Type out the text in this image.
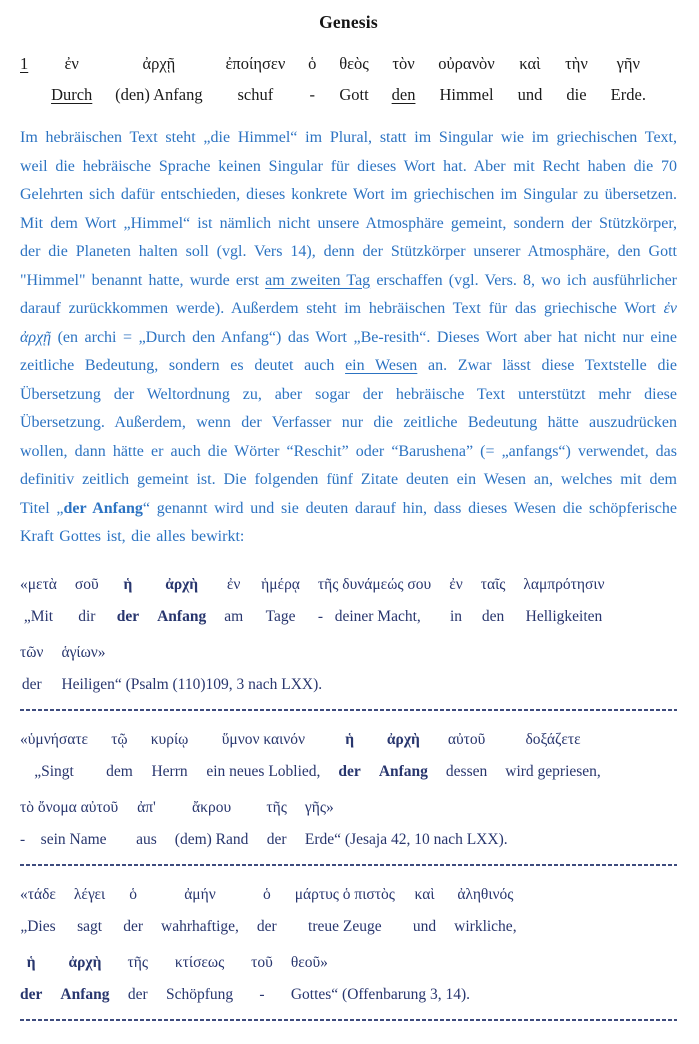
Genesis
1
ἐν
Durch
ἀρχῇ
(den) Anfang
ἐποίησεν
schuf
ὁ
-
θεὸς
Gott
τὸν
den
οὐρανὸν
Himmel
καὶ
und
τὴν
die
γῆν
Erde.

Im hebräischen Text steht „die Himmel“ im Plural, statt im Singular wie im griechischen Text, weil die hebräische Sprache keinen Singular für dieses Wort hat. Aber mit Recht haben die 70 Gelehrten sich dafür entschieden, dieses konkrete Wort im griechischen im Singular zu übersetzen. Mit dem Wort „Himmel“ ist nämlich nicht unsere Atmosphäre gemeint, sondern der Stützkörper, der die Planeten halten soll (vgl. Vers 14), denn der Stützkörper unserer Atmosphäre, den Gott "Himmel" benannt hatte, wurde erst am zweiten Tag erschaffen (vgl. Vers. 8, wo ich ausführlicher darauf zurückkommen werde). Außerdem steht im hebräischen Text für das griechische Wort ἐν ἀρχῇ (en archi = „Durch den Anfang“) das Wort „Be-resith“. Dieses Wort aber hat nicht nur eine zeitliche Bedeutung, sondern es deutet auch ein Wesen an. Zwar lässt diese Textstelle die Übersetzung der Weltordnung zu, aber sogar der hebräische Text unterstützt mehr diese Übersetzung. Außerdem, wenn der Verfasser nur die zeitliche Bedeutung hätte auszudrücken wollen, dann hätte er auch die Wörter “Reschit” oder “Barushena” (= „anfangs“) verwendet, das definitiv zeitlich gemeint ist. Die folgenden fünf Zitate deuten ein Wesen an, welches mit dem Titel „der Anfang“ genannt wird und sie deuten darauf hin, dass dieses Wesen die schöpferische Kraft Gottes ist, die alles bewirkt:

«μετὰ
„Mit
σοῦ
dir
ἡ
der
ἀρχὴ
Anfang
ἐν
am
ἡμέρᾳ
Tage
τῆς δυνάμεώς σου
-   deiner Macht,
ἐν
in
ταῖς
den
λαμπρότησιν
Helligkeiten
τῶν
der
ἁγίων»
Heiligen“ (Psalm (110)109, 3 nach LXX).
«ὑμνήσατε
„Singt
τῷ
dem
κυρίῳ
Herrn
ὕμνον καινόν
ein neues Loblied,
ἡ
der
ἀρχὴ
Anfang
αὐτοῦ
dessen
δοξάζετε
wird gepriesen,
τὸ ὄνομα αὐτοῦ
-    sein Name
ἀπ'
aus
ἄκρου
(dem) Rand
τῆς
der
γῆς»
Erde“ (Jesaja 42, 10 nach LXX).
«τάδε
„Dies
λέγει
sagt
ὁ
der
ἀμήν
wahrhaftige,
ὁ
der
μάρτυς ὁ πιστὸς
treue Zeuge
καὶ
und
ἀληθινός
wirkliche,
ἡ
der
ἀρχὴ
Anfang
τῆς
der
κτίσεως
Schöpfung
τοῦ
-
θεοῦ»
Gottes“ (Offenbarung 3, 14).
